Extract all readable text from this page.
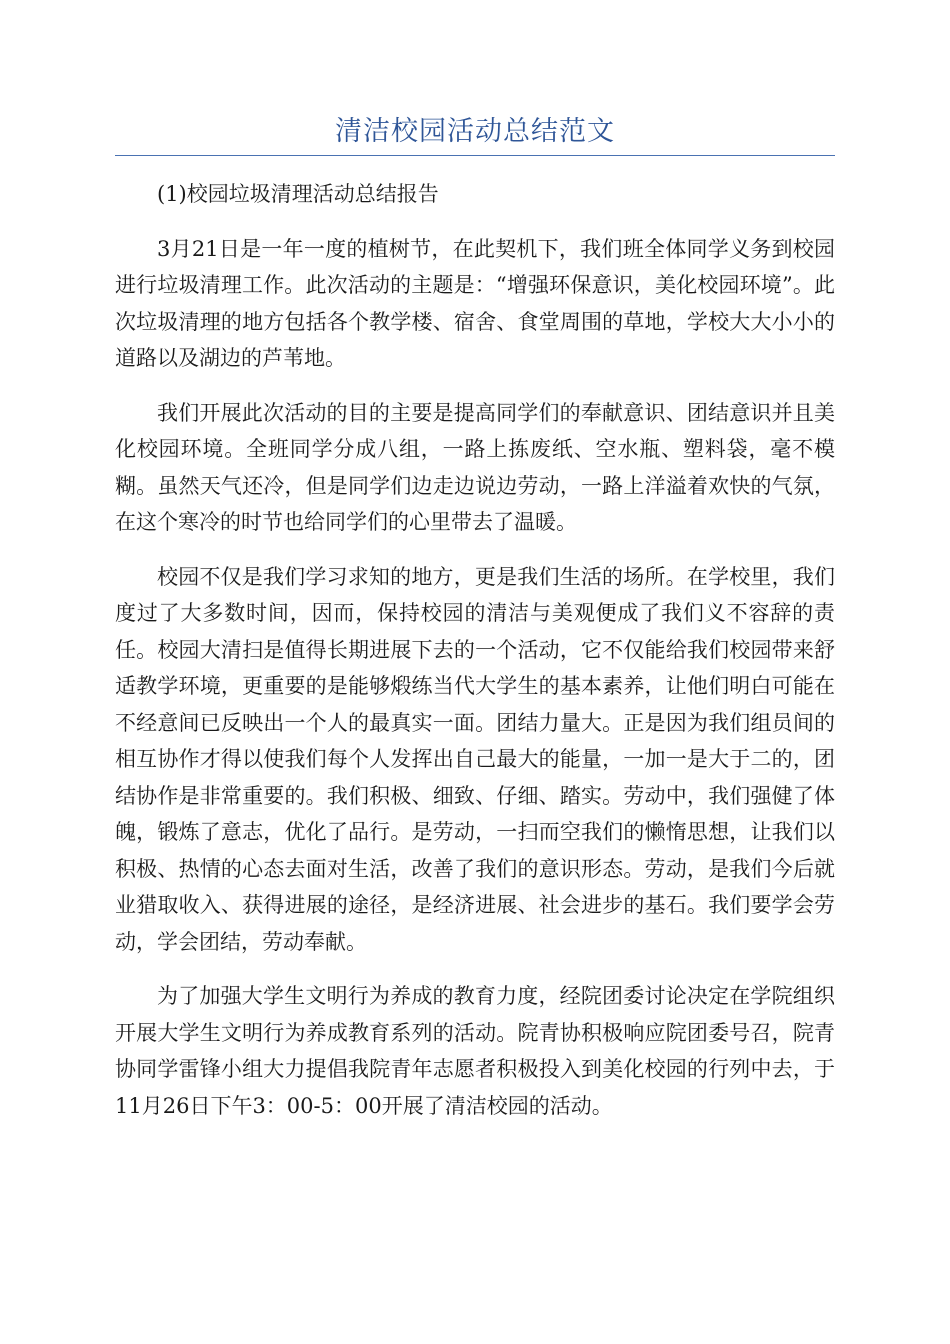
清洁校园活动总结范文

(1)校园垃圾清理活动总结报告

3月21日是一年一度的植树节，在此契机下，我们班全体同学义务到校园进行垃圾清理工作。此次活动的主题是：“增强环保意识，美化校园环境”。此次垃圾清理的地方包括各个教学楼、宿舍、食堂周围的草地，学校大大小小的道路以及湖边的芦苇地。

我们开展此次活动的目的主要是提高同学们的奉献意识、团结意识并且美化校园环境。全班同学分成八组，一路上拣废纸、空水瓶、塑料袋，毫不模糊。虽然天气还冷，但是同学们边走边说边劳动，一路上洋溢着欢快的气氛，在这个寒冷的时节也给同学们的心里带去了温暖。

校园不仅是我们学习求知的地方，更是我们生活的场所。在学校里，我们度过了大多数时间，因而，保持校园的清洁与美观便成了我们义不容辞的责任。校园大清扫是值得长期进展下去的一个活动，它不仅能给我们校园带来舒适教学环境，更重要的是能够煅练当代大学生的基本素养，让他们明白可能在不经意间已反映出一个人的最真实一面。团结力量大。正是因为我们组员间的相互协作才得以使我们每个人发挥出自己最大的能量，一加一是大于二的，团结协作是非常重要的。我们积极、细致、仔细、踏实。劳动中，我们强健了体魄，锻炼了意志，优化了品行。是劳动，一扫而空我们的懒惰思想，让我们以积极、热情的心态去面对生活，改善了我们的意识形态。劳动，是我们今后就业猎取收入、获得进展的途径，是经济进展、社会进步的基石。我们要学会劳动，学会团结，劳动奉献。

为了加强大学生文明行为养成的教育力度，经院团委讨论决定在学院组织开展大学生文明行为养成教育系列的活动。院青协积极响应院团委号召，院青协同学雷锋小组大力提倡我院青年志愿者积极投入到美化校园的行列中去，于11月26日下午3：00-5：00开展了清洁校园的活动。
